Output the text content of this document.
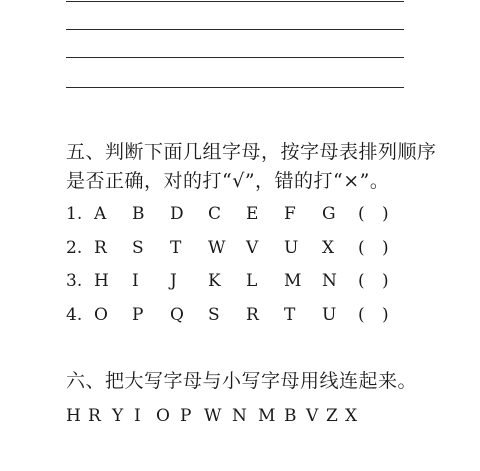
五、判断下面几组字母，按字母表排列顺序
是否正确，对的打“√”，错的打“×”。
1. A B D C E F G ( )
2. R S T W V U X ( )
3. H I J K L M N ( )
4. O P Q S R T U ( )
六、把大写字母与小写字母用线连起来。
H R Y I O P W N M B V Z X
